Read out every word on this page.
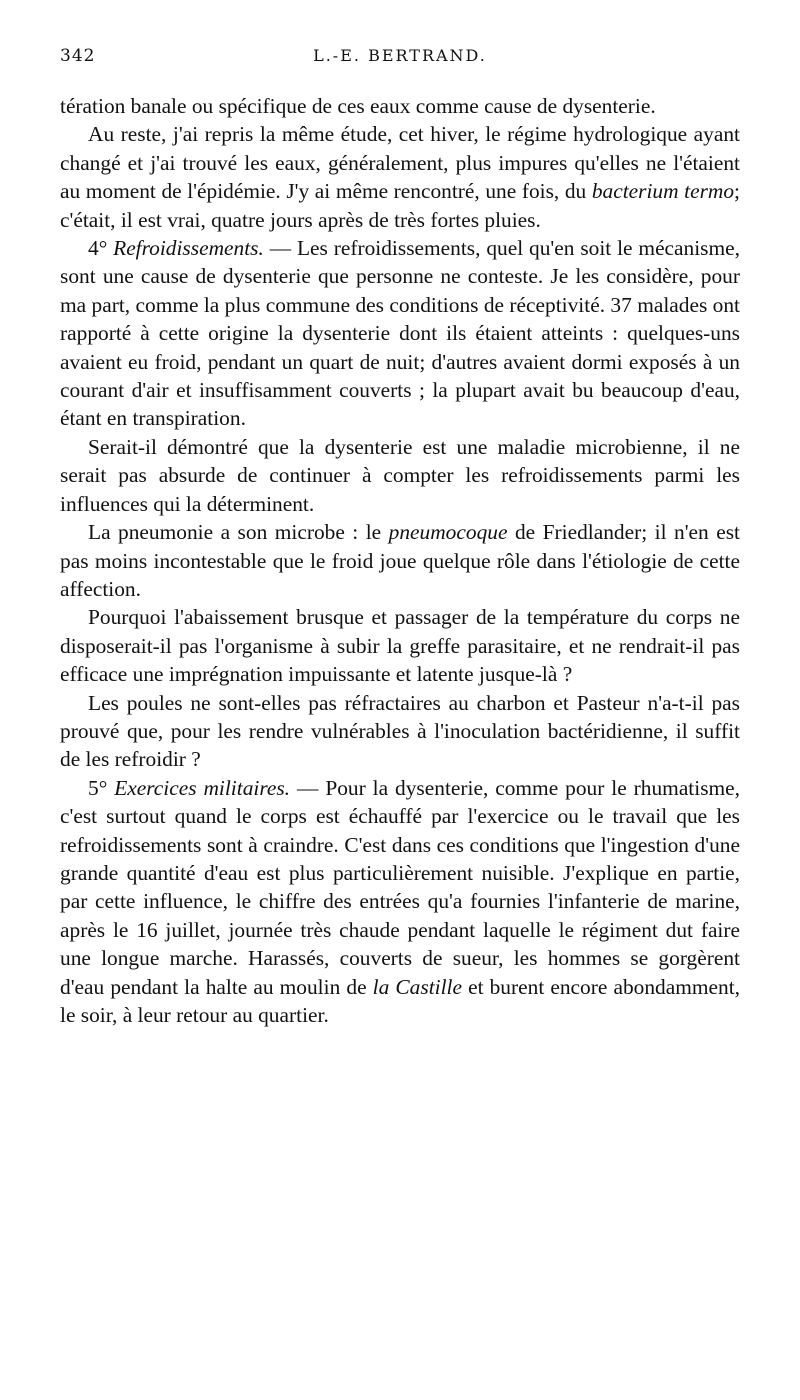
342	L.-E. BERTRAND.

tération banale ou spécifique de ces eaux comme cause de dysenterie.

Au reste, j'ai repris la même étude, cet hiver, le régime hydrologique ayant changé et j'ai trouvé les eaux, généralement, plus impures qu'elles ne l'étaient au moment de l'épidémie. J'y ai même rencontré, une fois, du bacterium termo; c'était, il est vrai, quatre jours après de très fortes pluies.

4° Refroidissements. — Les refroidissements, quel qu'en soit le mécanisme, sont une cause de dysenterie que personne ne conteste. Je les considère, pour ma part, comme la plus commune des conditions de réceptivité. 37 malades ont rapporté à cette origine la dysenterie dont ils étaient atteints : quelques-uns avaient eu froid, pendant un quart de nuit; d'autres avaient dormi exposés à un courant d'air et insuffisamment couverts ; la plupart avait bu beaucoup d'eau, étant en transpiration.

Serait-il démontré que la dysenterie est une maladie microbienne, il ne serait pas absurde de continuer à compter les refroidissements parmi les influences qui la déterminent.

La pneumonie a son microbe : le pneumocoque de Friedlander; il n'en est pas moins incontestable que le froid joue quelque rôle dans l'étiologie de cette affection.

Pourquoi l'abaissement brusque et passager de la température du corps ne disposerait-il pas l'organisme à subir la greffe parasitaire, et ne rendrait-il pas efficace une imprégnation impuissante et latente jusque-là ?

Les poules ne sont-elles pas réfractaires au charbon et Pasteur n'a-t-il pas prouvé que, pour les rendre vulnérables à l'inoculation bactéridienne, il suffit de les refroidir ?

5° Exercices militaires. — Pour la dysenterie, comme pour le rhumatisme, c'est surtout quand le corps est échauffé par l'exercice ou le travail que les refroidissements sont à craindre. C'est dans ces conditions que l'ingestion d'une grande quantité d'eau est plus particulièrement nuisible. J'explique en partie, par cette influence, le chiffre des entrées qu'a fournies l'infanterie de marine, après le 16 juillet, journée très chaude pendant laquelle le régiment dut faire une longue marche. Harassés, couverts de sueur, les hommes se gorgèrent d'eau pendant la halte au moulin de la Castille et burent encore abondamment, le soir, à leur retour au quartier.
